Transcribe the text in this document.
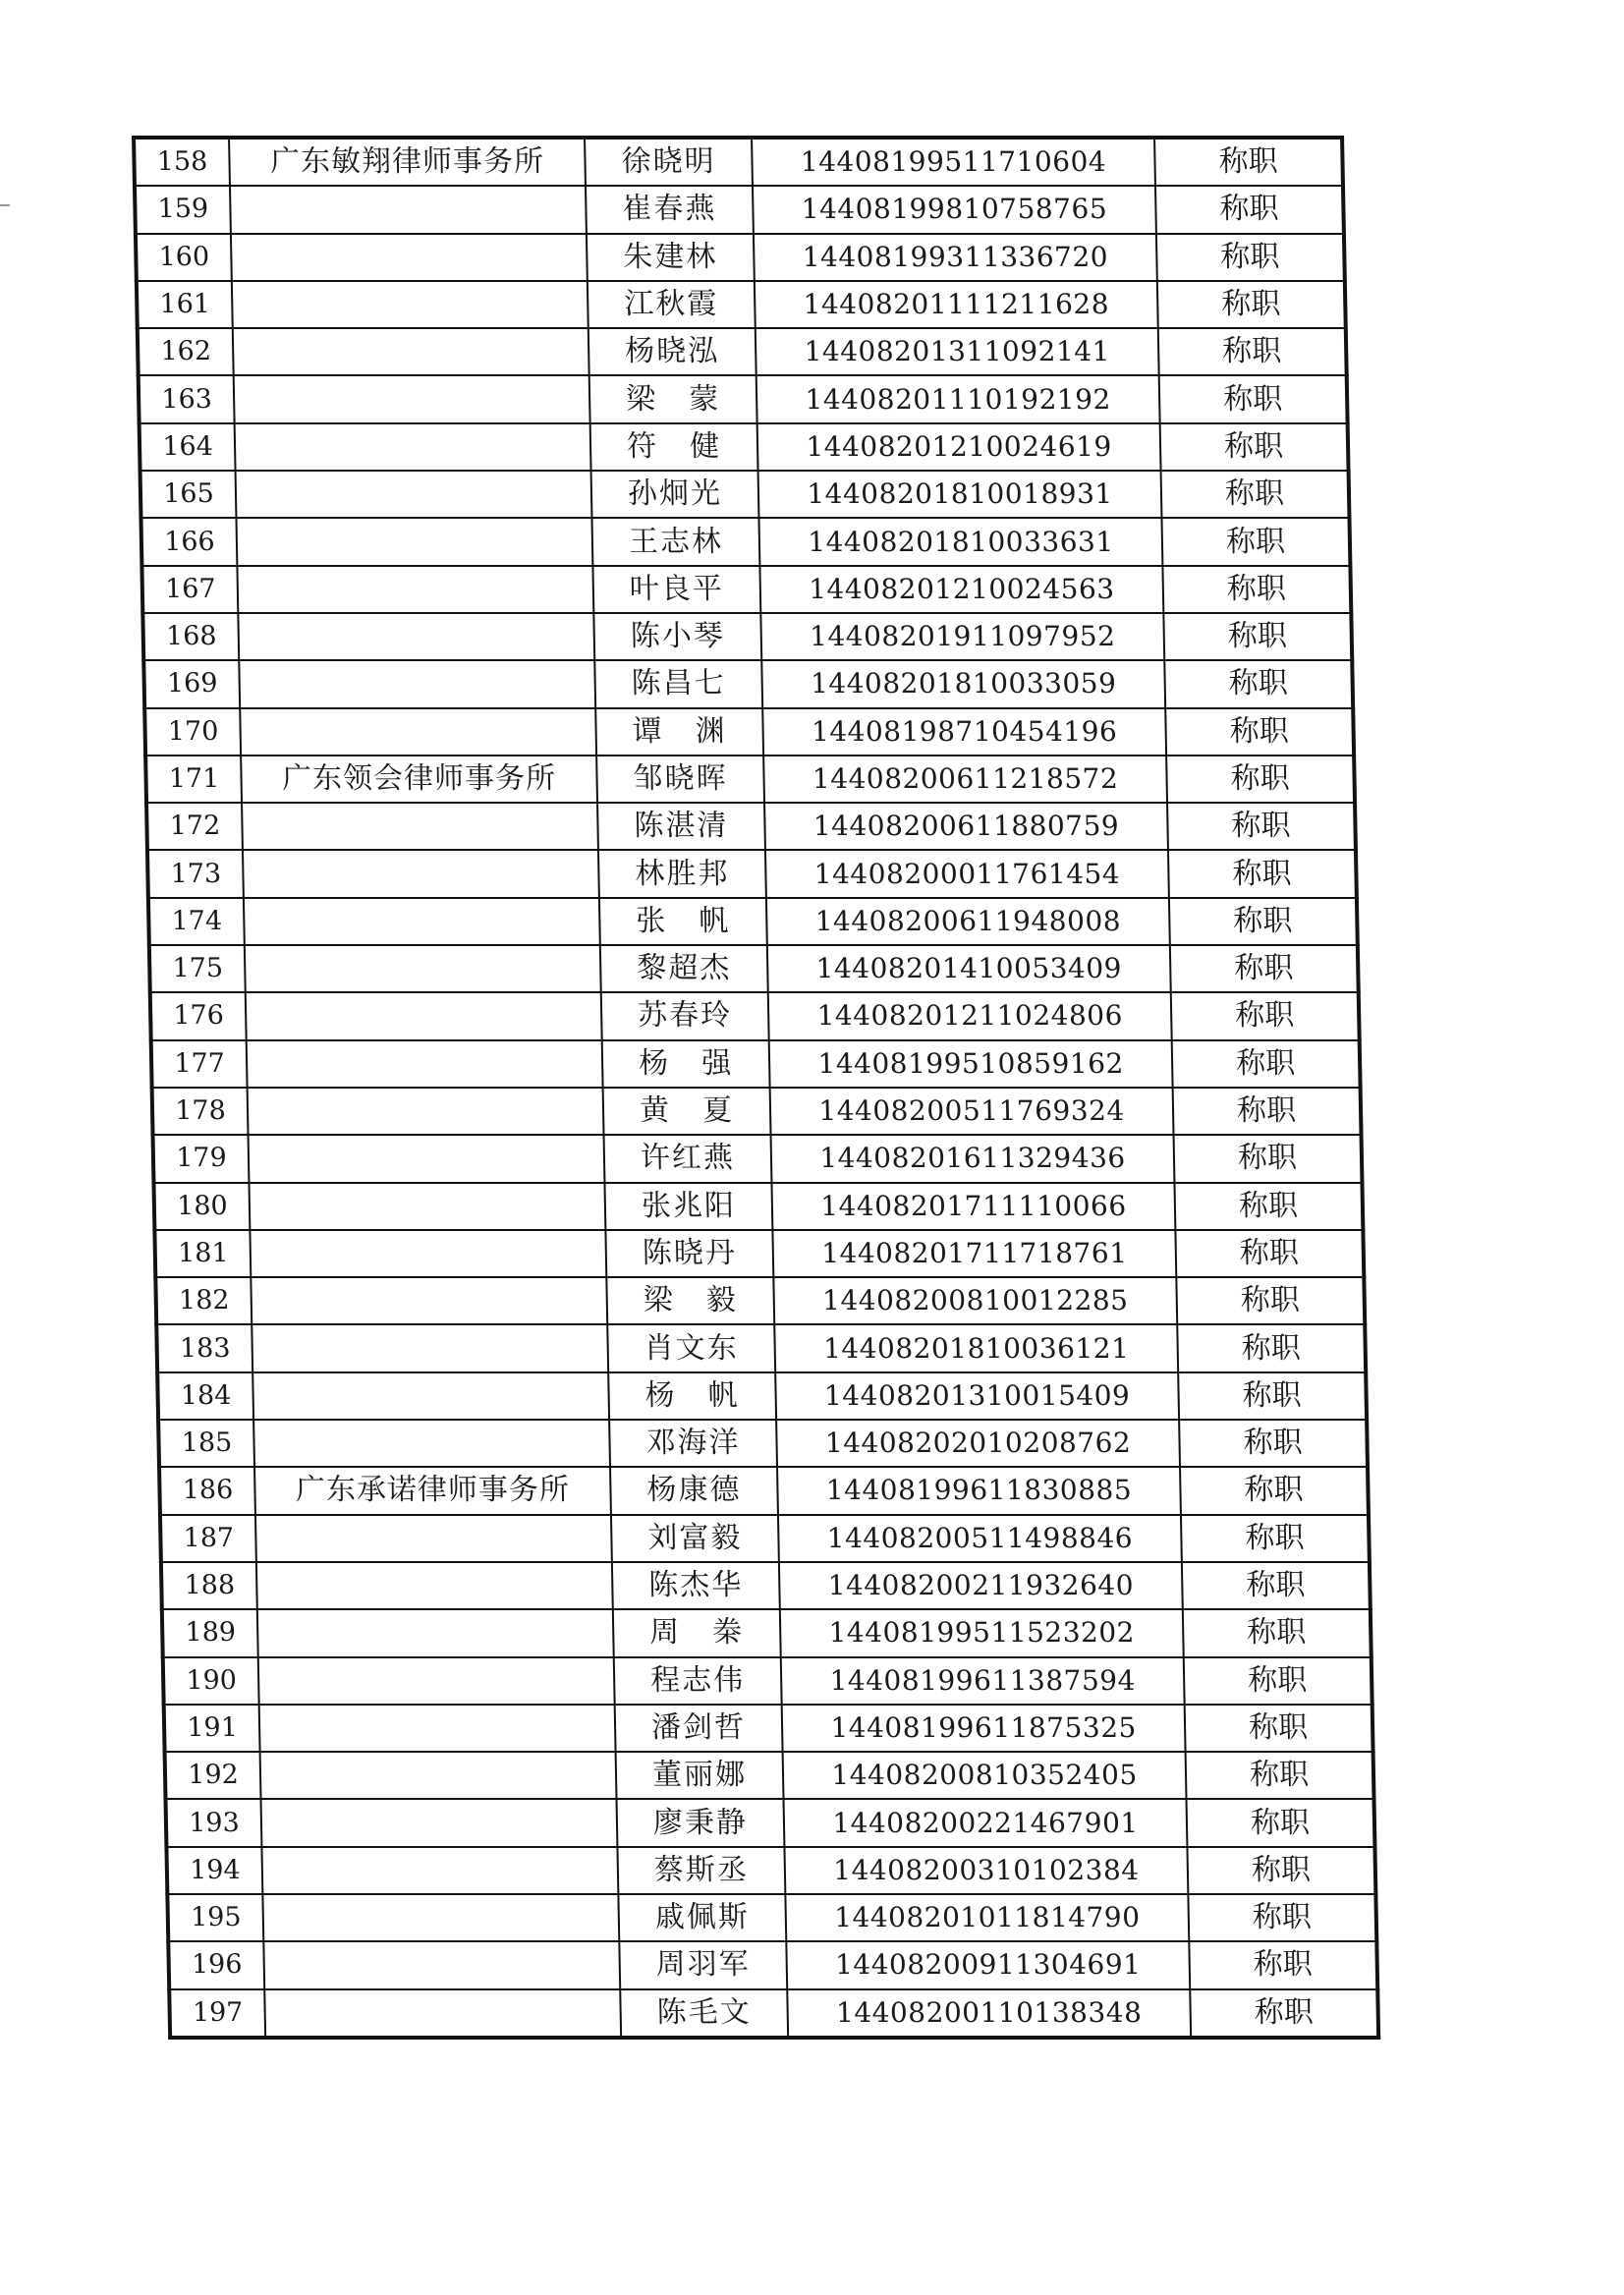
158	广东敏翔律师事务所	徐晓明	14408199511710604	称职
159		崔春燕	14408199810758765	称职
160		朱建林	14408199311336720	称职
161		江秋霞	14408201111211628	称职
162		杨晓泓	14408201311092141	称职
163		梁　蒙	14408201110192192	称职
164		符　健	14408201210024619	称职
165		孙炯光	14408201810018931	称职
166		王志林	14408201810033631	称职
167		叶良平	14408201210024563	称职
168		陈小琴	14408201911097952	称职
169		陈昌七	14408201810033059	称职
170		谭　渊	14408198710454196	称职
171	广东领会律师事务所	邹晓晖	14408200611218572	称职
172		陈湛清	14408200611880759	称职
173		林胜邦	14408200011761454	称职
174		张　帆	14408200611948008	称职
175		黎超杰	14408201410053409	称职
176		苏春玲	14408201211024806	称职
177		杨　强	14408199510859162	称职
178		黄　夏	14408200511769324	称职
179		许红燕	14408201611329436	称职
180		张兆阳	14408201711110066	称职
181		陈晓丹	14408201711718761	称职
182		梁　毅	14408200810012285	称职
183		肖文东	14408201810036121	称职
184		杨　帆	14408201310015409	称职
185		邓海洋	14408202010208762	称职
186	广东承诺律师事务所	杨康德	14408199611830885	称职
187		刘富毅	14408200511498846	称职
188		陈杰华	14408200211932640	称职
189		周　桊	14408199511523202	称职
190		程志伟	14408199611387594	称职
191		潘剑哲	14408199611875325	称职
192		董丽娜	14408200810352405	称职
193		廖秉静	14408200221467901	称职
194		蔡斯丞	14408200310102384	称职
195		戚佩斯	14408201011814790	称职
196		周羽军	14408200911304691	称职
197		陈毛文	14408200110138348	称职
